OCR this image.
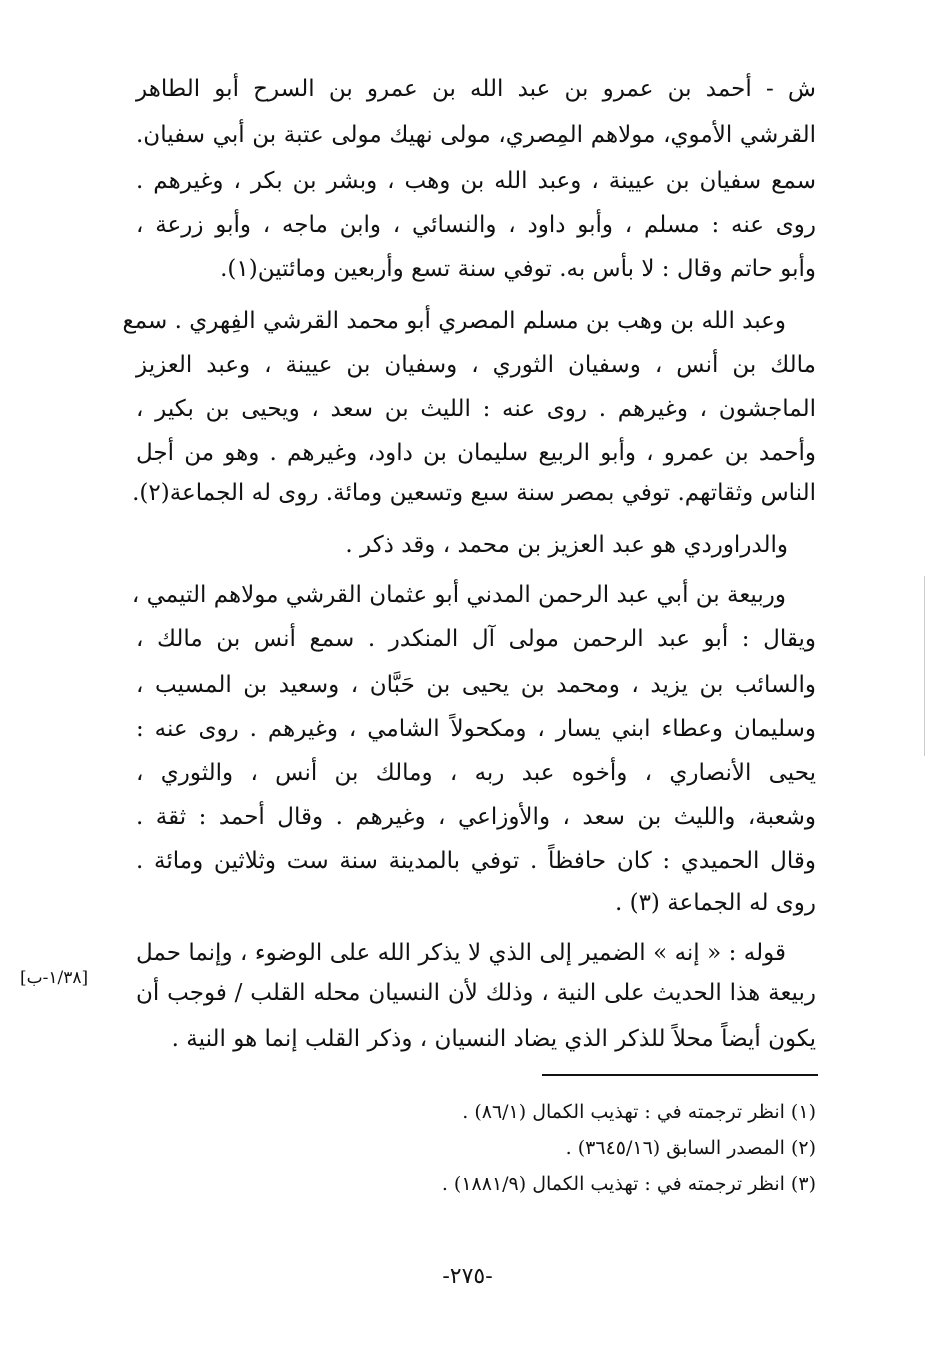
ش - أحمد بن عمرو بن عبد الله بن عمرو بن السرح أبو الطاهر
القرشي الأموي، مولاهم المِصري، مولى نهيك مولى عتبة بن أبي سفيان.
سمع سفيان بن عيينة ، وعبد الله بن وهب ، وبشر بن بكر ، وغيرهم .
روى عنه : مسلم ، وأبو داود ، والنسائي ، وابن ماجه ، وأبو زرعة ،
وأبو حاتم وقال : لا بأس به. توفي سنة تسع وأربعين ومائتين(١).
وعبد الله بن وهب بن مسلم المصري أبو محمد القرشي الفِهري . سمع
مالك بن أنس ، وسفيان الثوري ، وسفيان بن عيينة ، وعبد العزيز
الماجشون ، وغيرهم . روى عنه : الليث بن سعد ، ويحيى بن بكير ،
وأحمد بن عمرو ، وأبو الربيع سليمان بن داود، وغيرهم . وهو من أجل
الناس وثقاتهم. توفي بمصر سنة سبع وتسعين ومائة. روى له الجماعة(٢).
والدراوردي هو عبد العزيز بن محمد ، وقد ذكر .
وربيعة بن أبي عبد الرحمن المدني أبو عثمان القرشي مولاهم التيمي ،
ويقال : أبو عبد الرحمن مولى آل المنكدر . سمع أنس بن مالك ،
والسائب بن يزيد ، ومحمد بن يحيى بن حَبَّان ، وسعيد بن المسيب ،
وسليمان وعطاء ابني يسار ، ومكحولاً الشامي ، وغيرهم . روى عنه :
يحيى الأنصاري ، وأخوه عبد ربه ، ومالك بن أنس ، والثوري ،
وشعبة، والليث بن سعد ، والأوزاعي ، وغيرهم . وقال أحمد : ثقة .
وقال الحميدي : كان حافظاً . توفي بالمدينة سنة ست وثلاثين ومائة .
روى له الجماعة (٣) .
قوله : « إنه » الضمير إلى الذي لا يذكر الله على الوضوء ، وإنما حمل
ربيعة هذا الحديث على النية ، وذلك لأن النسيان محله القلب / فوجب أن
يكون أيضاً محلاً للذكر الذي يضاد النسيان ، وذكر القلب إنما هو النية .
[١/٣٨-ب]
(١) انظر ترجمته في : تهذيب الكمال (٨٦/١) .
(٢) المصدر السابق (٣٦٤٥/١٦) .
(٣) انظر ترجمته في : تهذيب الكمال (١٨٨١/٩) .
-٢٧٥-
